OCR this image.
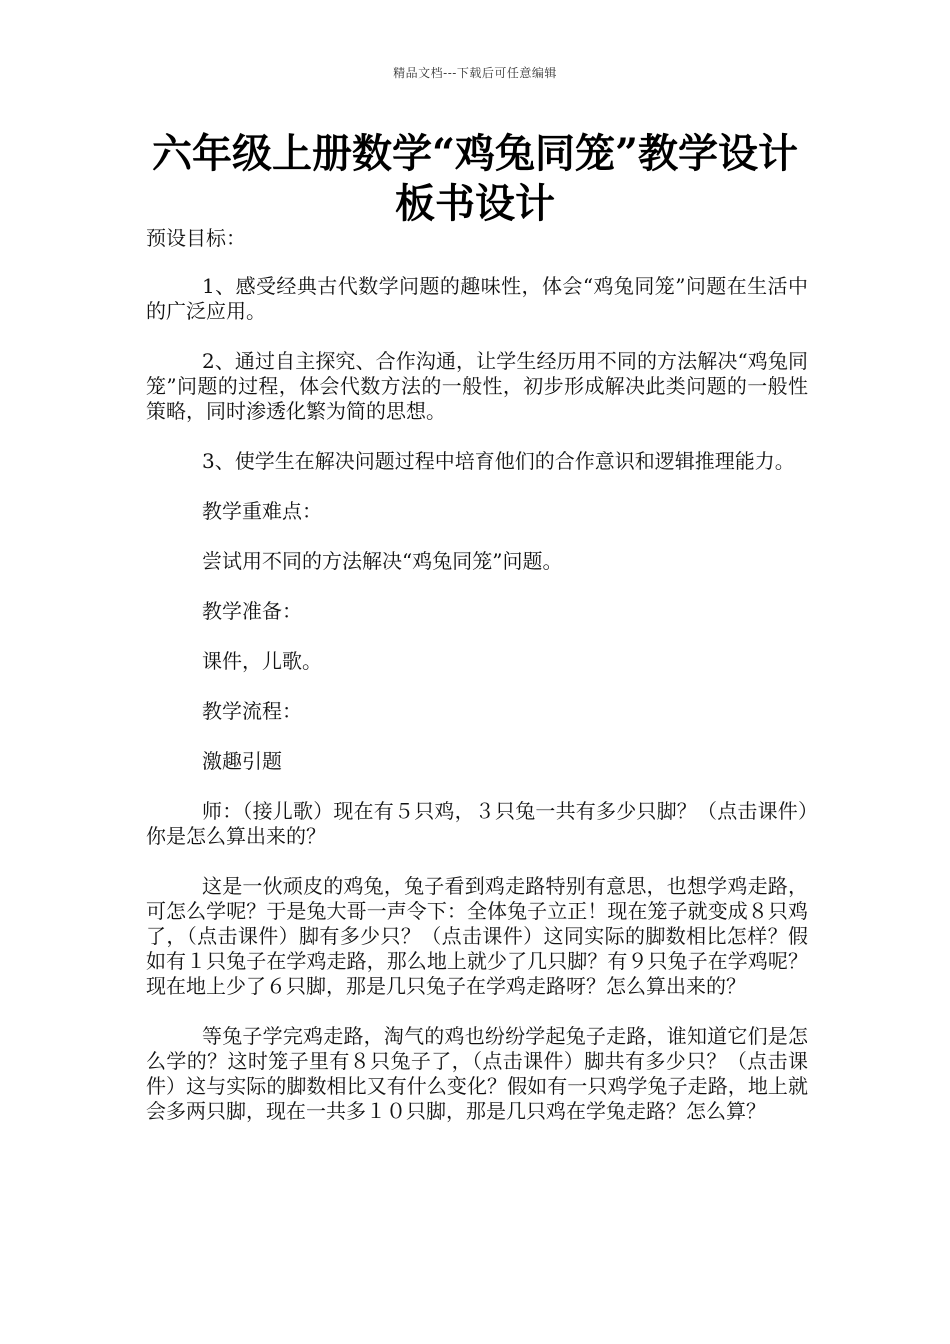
精品文档---下载后可任意编辑
六年级上册数学“鸡兔同笼”教学设计
板书设计

预设目标：

1、感受经典古代数学问题的趣味性，体会“鸡兔同笼”问题在生活中的广泛应用。

2、通过自主探究、合作沟通，让学生经历用不同的方法解决“鸡兔同笼”问题的过程，体会代数方法的一般性，初步形成解决此类问题的一般性策略，同时渗透化繁为简的思想。

3、使学生在解决问题过程中培育他们的合作意识和逻辑推理能力。

教学重难点：

尝试用不同的方法解决“鸡兔同笼”问题。

教学准备：

课件，儿歌。

教学流程：

激趣引题

师：（接儿歌）现在有５只鸡，３只兔一共有多少只脚？（点击课件）你是怎么算出来的？

这是一伙顽皮的鸡兔，兔子看到鸡走路特别有意思，也想学鸡走路，可怎么学呢？于是兔大哥一声令下：全体兔子立正！现在笼子就变成８只鸡了，（点击课件）脚有多少只？（点击课件）这同实际的脚数相比怎样？假如有１只兔子在学鸡走路，那么地上就少了几只脚？有９只兔子在学鸡呢？现在地上少了６只脚，那是几只兔子在学鸡走路呀？怎么算出来的？

等兔子学完鸡走路，淘气的鸡也纷纷学起兔子走路，谁知道它们是怎么学的？这时笼子里有８只兔子了，（点击课件）脚共有多少只？（点击课件）这与实际的脚数相比又有什么变化？假如有一只鸡学兔子走路，地上就会多两只脚，现在一共多１０只脚，那是几只鸡在学兔走路？怎么算？
